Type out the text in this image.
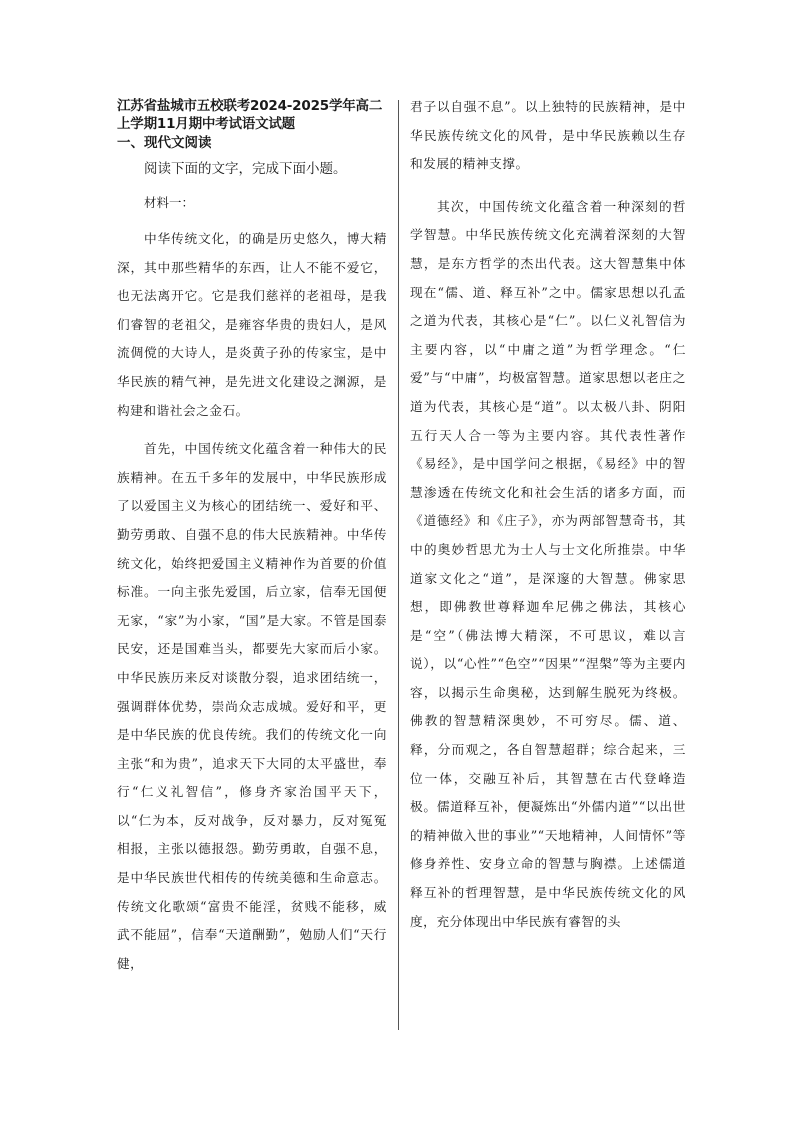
江苏省盐城市五校联考2024-2025学年高二上学期11月期中考试语文试题

一、现代文阅读

阅读下面的文字，完成下面小题。

材料一：

中华传统文化，的确是历史悠久，博大精深，其中那些精华的东西，让人不能不爱它，也无法离开它。它是我们慈祥的老祖母，是我们睿智的老祖父，是雍容华贵的贵妇人，是风流倜傥的大诗人，是炎黄子孙的传家宝，是中华民族的精气神，是先进文化建设之渊源，是构建和谐社会之金石。

首先，中国传统文化蕴含着一种伟大的民族精神。在五千多年的发展中，中华民族形成了以爱国主义为核心的团结统一、爱好和平、勤劳勇敢、自强不息的伟大民族精神。中华传统文化，始终把爱国主义精神作为首要的价值标准。一向主张先爱国，后立家，信奉无国便无家，“家”为小家，“国”是大家。不管是国泰民安，还是国难当头，都要先大家而后小家。中华民族历来反对谈散分裂，追求团结统一，强调群体优势，崇尚众志成城。爱好和平，更是中华民族的优良传统。我们的传统文化一向主张“和为贵”，追求天下大同的太平盛世，奉行“仁义礼智信”，修身齐家治国平天下，以“仁为本，反对战争，反对暴力，反对冤冤相报，主张以德报怨。勤劳勇敢，自强不息，是中华民族世代相传的传统美德和生命意志。传统文化歌颂“富贵不能淫，贫贱不能移，威武不能屈”，信奉“天道酬勤”，勉励人们“天行健，

君子以自强不息”。以上独特的民族精神，是中华民族传统文化的风骨，是中华民族赖以生存和发展的精神支撑。

其次，中国传统文化蕴含着一种深刻的哲学智慧。中华民族传统文化充满着深刻的大智慧，是东方哲学的杰出代表。这大智慧集中体现在“儒、道、释互补”之中。儒家思想以孔孟之道为代表，其核心是“仁”。以仁义礼智信为主要内容，以“中庸之道”为哲学理念。“仁爱”与“中庸”，均极富智慧。道家思想以老庄之道为代表，其核心是“道”。以太极八卦、阴阳五行天人合一等为主要内容。其代表性著作《易经》，是中国学问之根据，《易经》中的智慧渗透在传统文化和社会生活的诸多方面，而《道德经》和《庄子》，亦为两部智慧奇书，其中的奥妙哲思尤为士人与士文化所推崇。中华道家文化之“道”，是深邃的大智慧。佛家思想，即佛教世尊释迦牟尼佛之佛法，其核心是“空”（佛法博大精深，不可思议，难以言说），以“心性”“色空”“因果”“涅槃”等为主要内容，以揭示生命奥秘，达到解生脱死为终极。佛教的智慧精深奥妙，不可穷尽。儒、道、释，分而观之，各自智慧超群；综合起来，三位一体，交融互补后，其智慧在古代登峰造极。儒道释互补，便凝炼出“外儒内道”“以出世的精神做入世的事业”“天地精神，人间情怀”等修身养性、安身立命的智慧与胸襟。上述儒道释互补的哲理智慧，是中华民族传统文化的风度，充分体现出中华民族有睿智的头
